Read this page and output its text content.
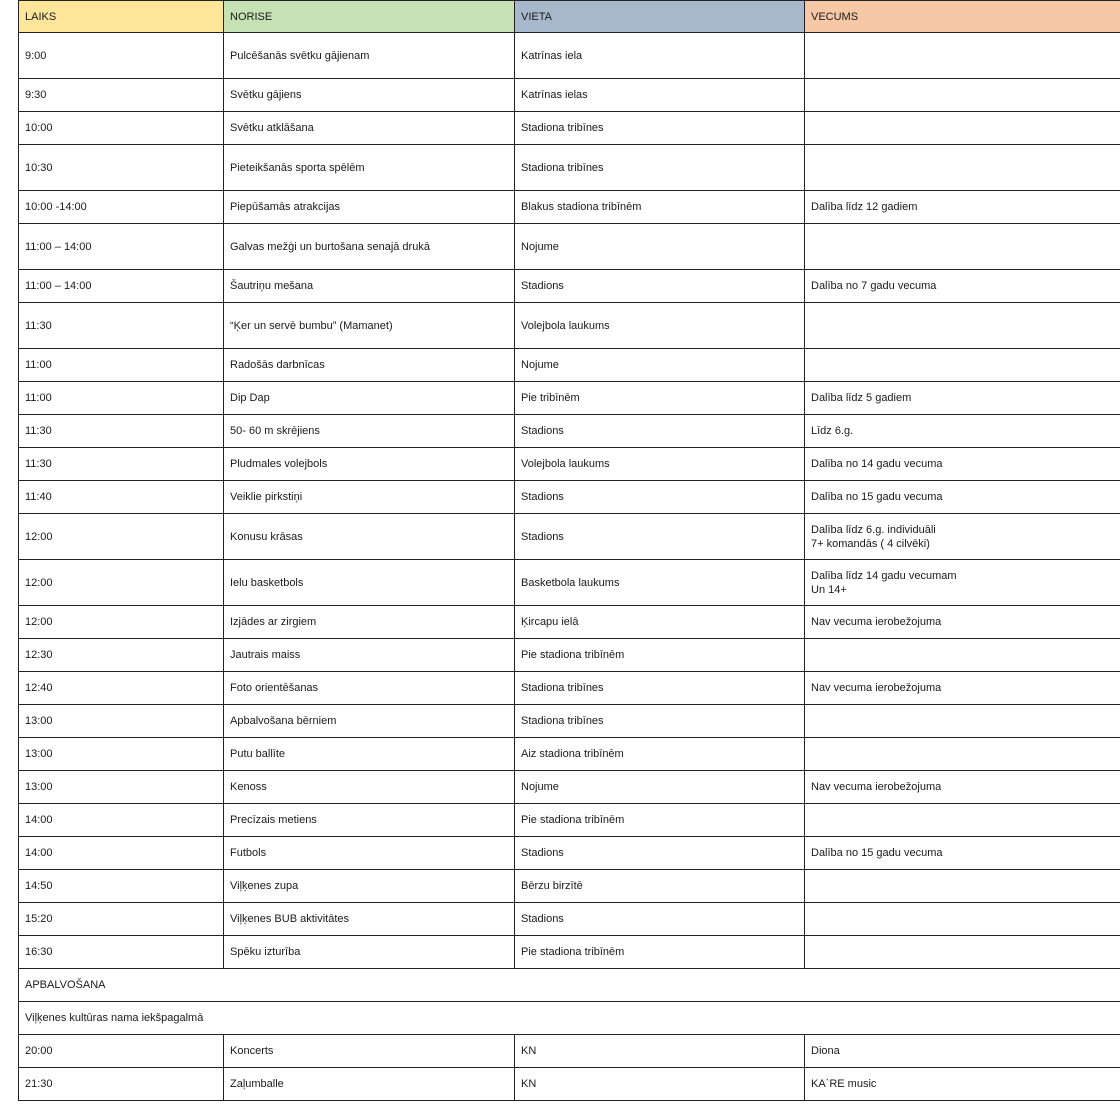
LAIKS	NORISE	VIETA	VECUMS
9:00	Pulcēšanās svētku gājienam	Katrīnas iela	
9:30	Svētku gājiens	Katrīnas ielas	
10:00	Svētku atklāšana	Stadiona tribīnes	
10:30	Pieteikšanās sporta spēlēm	Stadiona tribīnes	
10:00 -14:00	Piepūšamās atrakcijas	Blakus stadiona tribīnēm	Dalība līdz 12 gadiem
11:00 – 14:00	Galvas mežģi un burtošana senajā drukā	Nojume	
11:00 – 14:00	Šautriņu mešana	Stadions	Dalība no 7 gadu vecuma
11:30	“Ķer un servē bumbu” (Mamanet)	Volejbola laukums	
11:00	Radošās darbnīcas	Nojume	
11:00	Dip Dap	Pie tribīnēm	Dalība līdz 5 gadiem
11:30	50- 60 m skrējiens	Stadions	Līdz 6.g.
11:30	Pludmales volejbols	Volejbola laukums	Dalība no 14 gadu vecuma
11:40	Veiklie pirkstiņi	Stadions	Dalība no 15 gadu vecuma
12:00	Konusu krāsas	Stadions	Dalība līdz 6.g. individuāli
7+ komandās ( 4 cilvēki)
12:00	Ielu basketbols	Basketbola laukums	Dalība līdz 14 gadu vecumam
Un 14+
12:00	Izjādes ar zirgiem	Ķircapu ielā	Nav vecuma ierobežojuma
12:30	Jautrais maiss	Pie stadiona tribīnēm	
12:40	Foto orientēšanas	Stadiona tribīnes	Nav vecuma ierobežojuma
13:00	Apbalvošana bērniem	Stadiona tribīnes	
13:00	Putu ballīte	Aiz stadiona tribīnēm	
13:00	Kenoss	Nojume	Nav vecuma ierobežojuma
14:00	Precīzais metiens	Pie stadiona tribīnēm	
14:00	Futbols	Stadions	Dalība no 15 gadu vecuma
14:50	Viļķenes zupa	Bērzu birzītē	
15:20	Viļķenes BUB aktivitātes	Stadions	
16:30	Spēku izturība	Pie stadiona tribīnēm	
APBALVOŠANA			
Viļķenes kultūras nama iekšpagalmā			
20:00	Koncerts	KN	Diona
21:30	Zaļumballe	KN	KA`RE music
